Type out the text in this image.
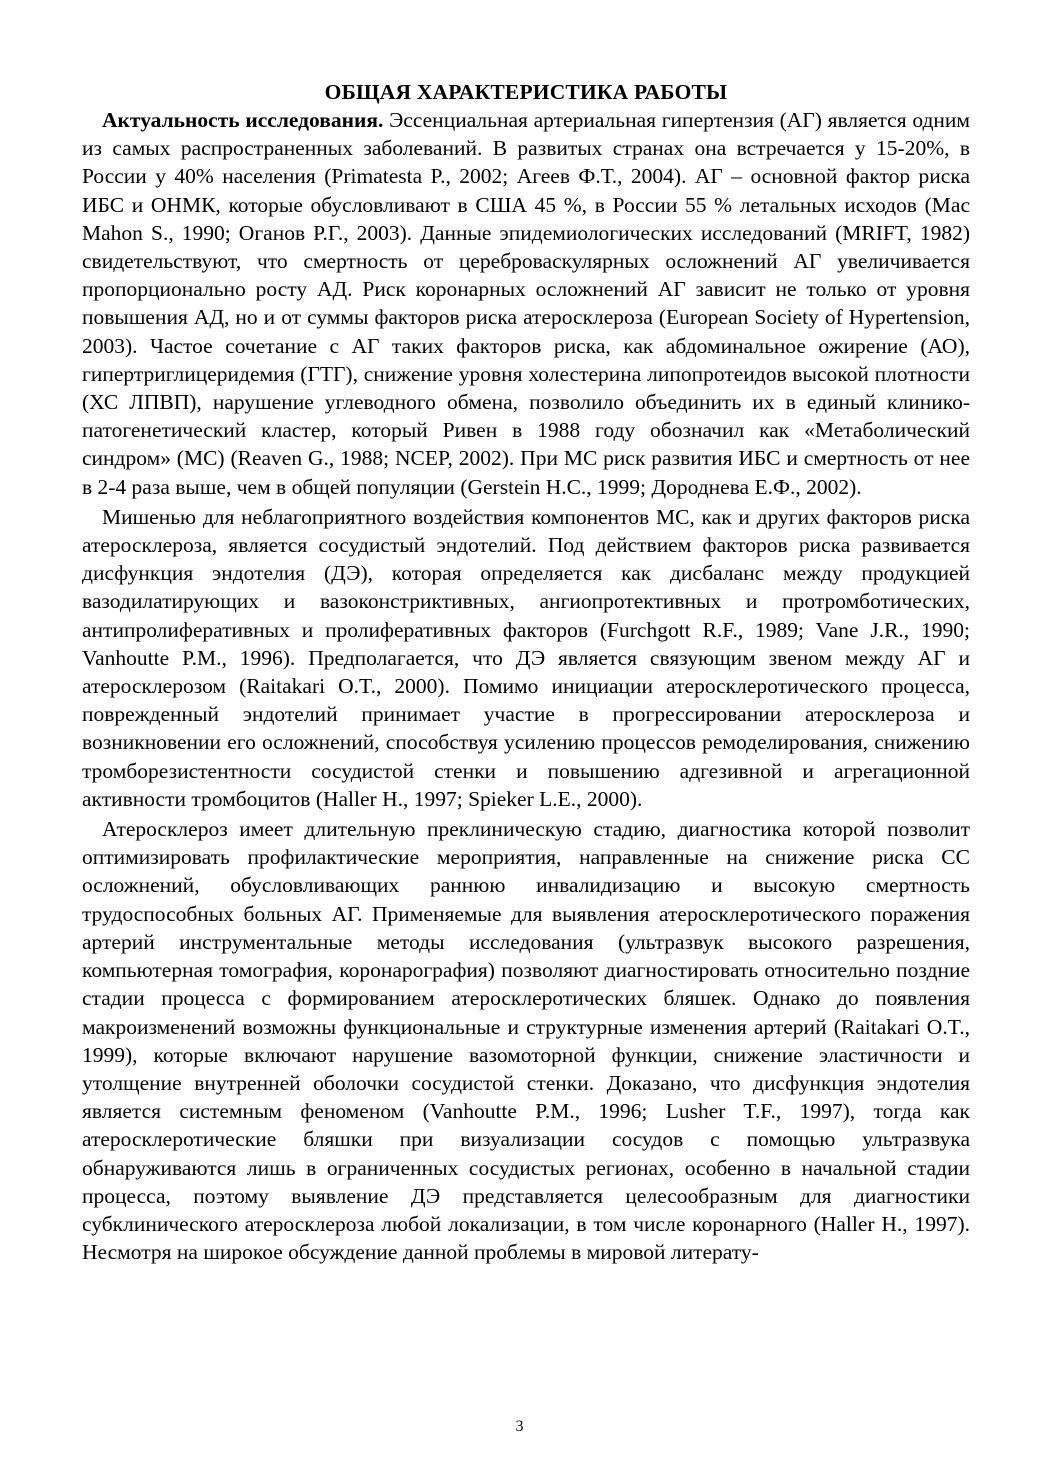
ОБЩАЯ ХАРАКТЕРИСТИКА РАБОТЫ

Актуальность исследования. Эссенциальная артериальная гипертензия (АГ) является одним из самых распространенных заболеваний. В развитых странах она встречается у 15-20%, в России у 40% населения (Primatesta P., 2002; Агеев Ф.Т., 2004). АГ – основной фактор риска ИБС и ОНМК, которые обусловливают в США 45 %, в России 55 % летальных исходов (Mac Mahon S., 1990; Оганов Р.Г., 2003). Данные эпидемиологических исследований (MRIFT, 1982) свидетельствуют, что смертность от цереброваскулярных осложнений АГ увеличивается пропорционально росту АД. Риск коронарных осложнений АГ зависит не только от уровня повышения АД, но и от суммы факторов риска атеросклероза (European Society of Hypertension, 2003). Частое сочетание с АГ таких факторов риска, как абдоминальное ожирение (АО), гипертриглицеридемия (ГТГ), снижение уровня холестерина липопротеидов высокой плотности (ХС ЛПВП), нарушение углеводного обмена, позволило объединить их в единый клинико-патогенетический кластер, который Ривен в 1988 году обозначил как «Метаболический синдром» (МС) (Reaven G., 1988; NCEP, 2002). При МС риск развития ИБС и смертность от нее в 2-4 раза выше, чем в общей популяции (Gerstein H.C., 1999; Дороднева Е.Ф., 2002).

Мишенью для неблагоприятного воздействия компонентов МС, как и других факторов риска атеросклероза, является сосудистый эндотелий. Под действием факторов риска развивается дисфункция эндотелия (ДЭ), которая определяется как дисбаланс между продукцией вазодилатирующих и вазоконстриктивных, ангиопротективных и протромботических, антипролиферативных и пролиферативных факторов (Furchgott R.F., 1989; Vane J.R., 1990; Vanhoutte P.M., 1996). Предполагается, что ДЭ является связующим звеном между АГ и атеросклерозом (Raitakari O.T., 2000). Помимо инициации атеросклеротического процесса, поврежденный эндотелий принимает участие в прогрессировании атеросклероза и возникновении его осложнений, способствуя усилению процессов ремоделирования, снижению тромборезистентности сосудистой стенки и повышению адгезивной и агрегационной активности тромбоцитов (Haller H., 1997; Spieker L.E., 2000).

Атеросклероз имеет длительную преклиническую стадию, диагностика которой позволит оптимизировать профилактические мероприятия, направленные на снижение риска СС осложнений, обусловливающих раннюю инвалидизацию и высокую смертность трудоспособных больных АГ. Применяемые для выявления атеросклеротического поражения артерий инструментальные методы исследования (ультразвук высокого разрешения, компьютерная томография, коронарография) позволяют диагностировать относительно поздние стадии процесса с формированием атеросклеротических бляшек. Однако до появления макроизменений возможны функциональные и структурные изменения артерий (Raitakari O.T., 1999), которые включают нарушение вазомоторной функции, снижение эластичности и утолщение внутренней оболочки сосудистой стенки. Доказано, что дисфункция эндотелия является системным феноменом (Vanhoutte P.M., 1996; Lusher T.F., 1997), тогда как атеросклеротические бляшки при визуализации сосудов с помощью ультразвука обнаруживаются лишь в ограниченных сосудистых регионах, особенно в начальной стадии процесса, поэтому выявление ДЭ представляется целесообразным для диагностики субклинического атеросклероза любой локализации, в том числе коронарного (Haller H., 1997). Несмотря на широкое обсуждение данной проблемы в мировой литерату-

3
